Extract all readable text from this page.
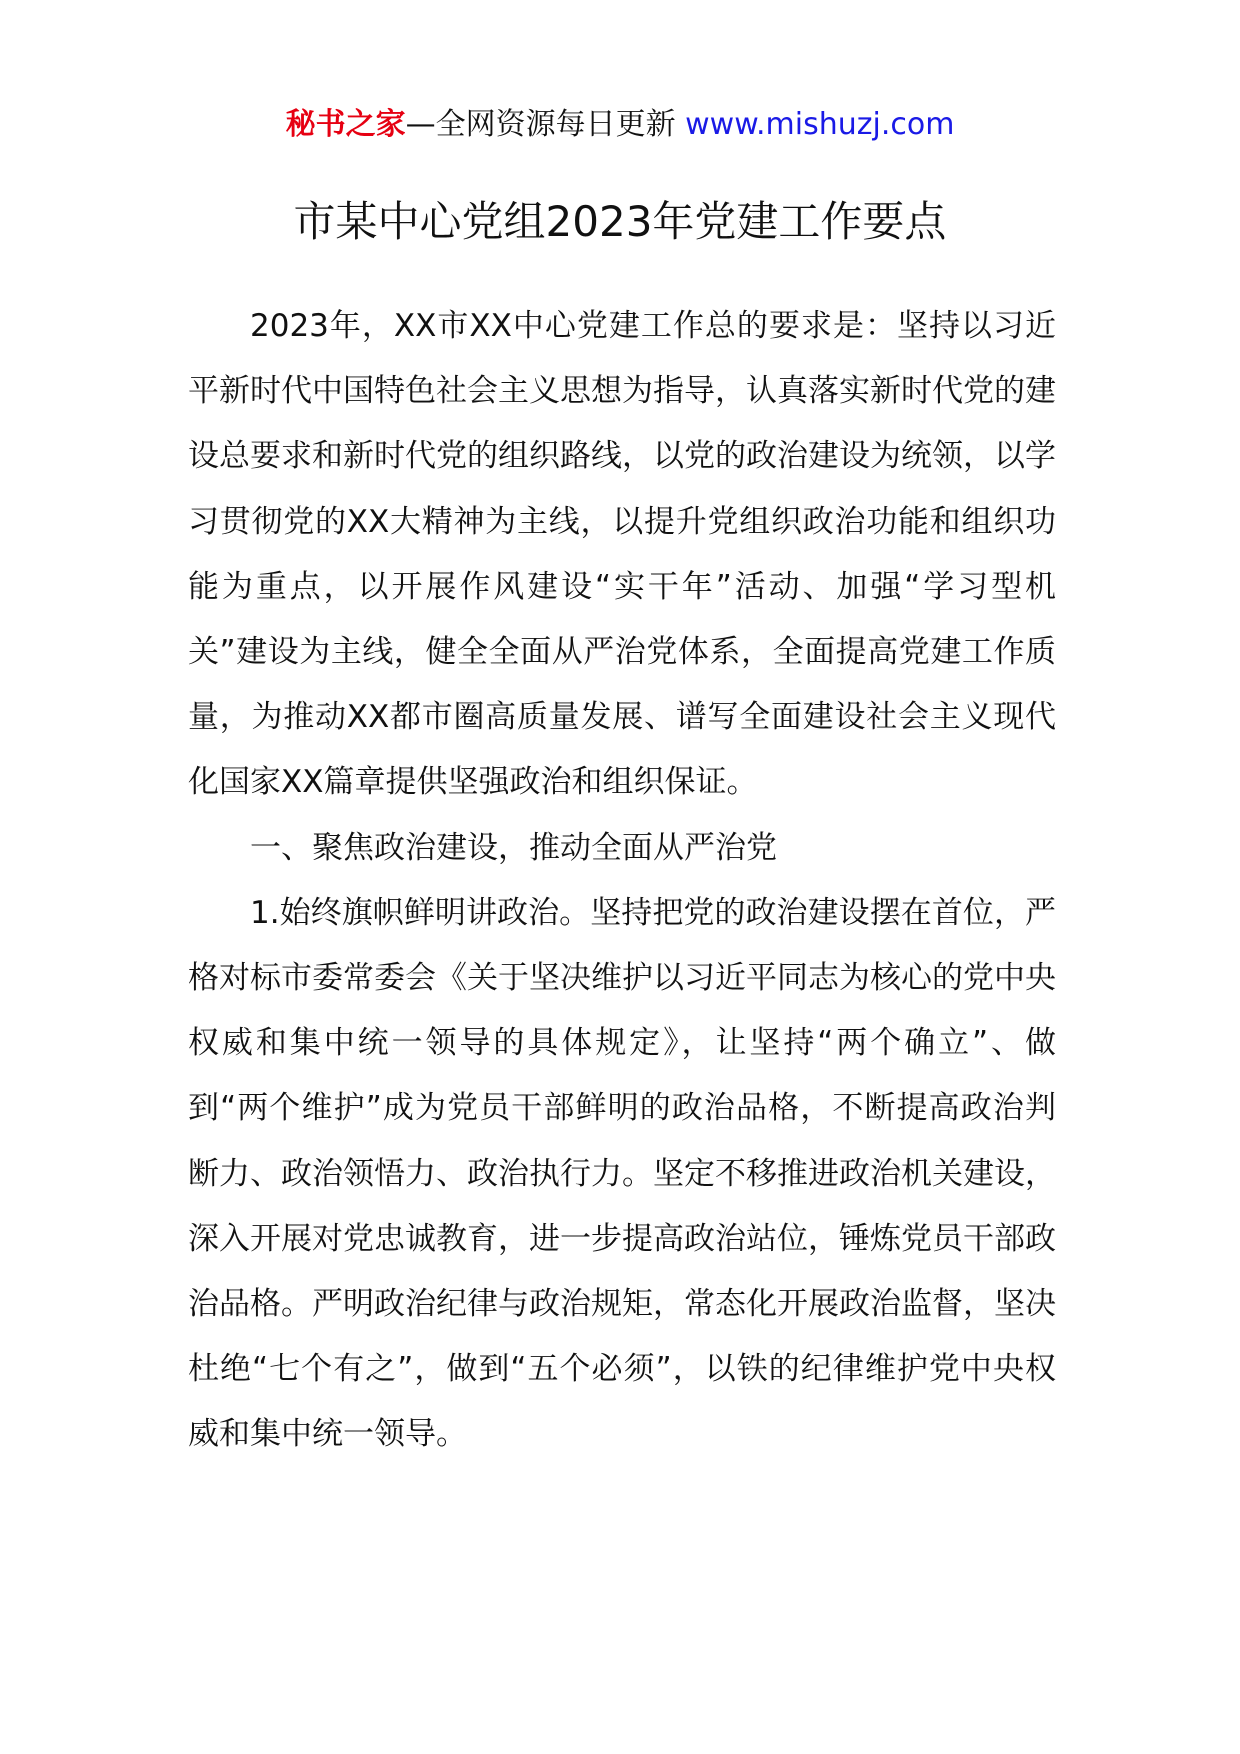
秘书之家—全网资源每日更新 www.mishuzj.com
市某中心党组2023年党建工作要点

2023年，XX市XX中心党建工作总的要求是：坚持以习近平新时代中国特色社会主义思想为指导，认真落实新时代党的建设总要求和新时代党的组织路线，以党的政治建设为统领，以学习贯彻党的XX大精神为主线，以提升党组织政治功能和组织功能为重点，以开展作风建设“实干年”活动、加强“学习型机关”建设为主线，健全全面从严治党体系，全面提高党建工作质量，为推动XX都市圈高质量发展、谱写全面建设社会主义现代化国家XX篇章提供坚强政治和组织保证。

一、聚焦政治建设，推动全面从严治党

1.始终旗帜鲜明讲政治。坚持把党的政治建设摆在首位，严格对标市委常委会《关于坚决维护以习近平同志为核心的党中央权威和集中统一领导的具体规定》，让坚持“两个确立”、做到“两个维护”成为党员干部鲜明的政治品格，不断提高政治判断力、政治领悟力、政治执行力。坚定不移推进政治机关建设，深入开展对党忠诚教育，进一步提高政治站位，锤炼党员干部政治品格。严明政治纪律与政治规矩，常态化开展政治监督，坚决杜绝“七个有之”，做到“五个必须”，以铁的纪律维护党中央权威和集中统一领导。
